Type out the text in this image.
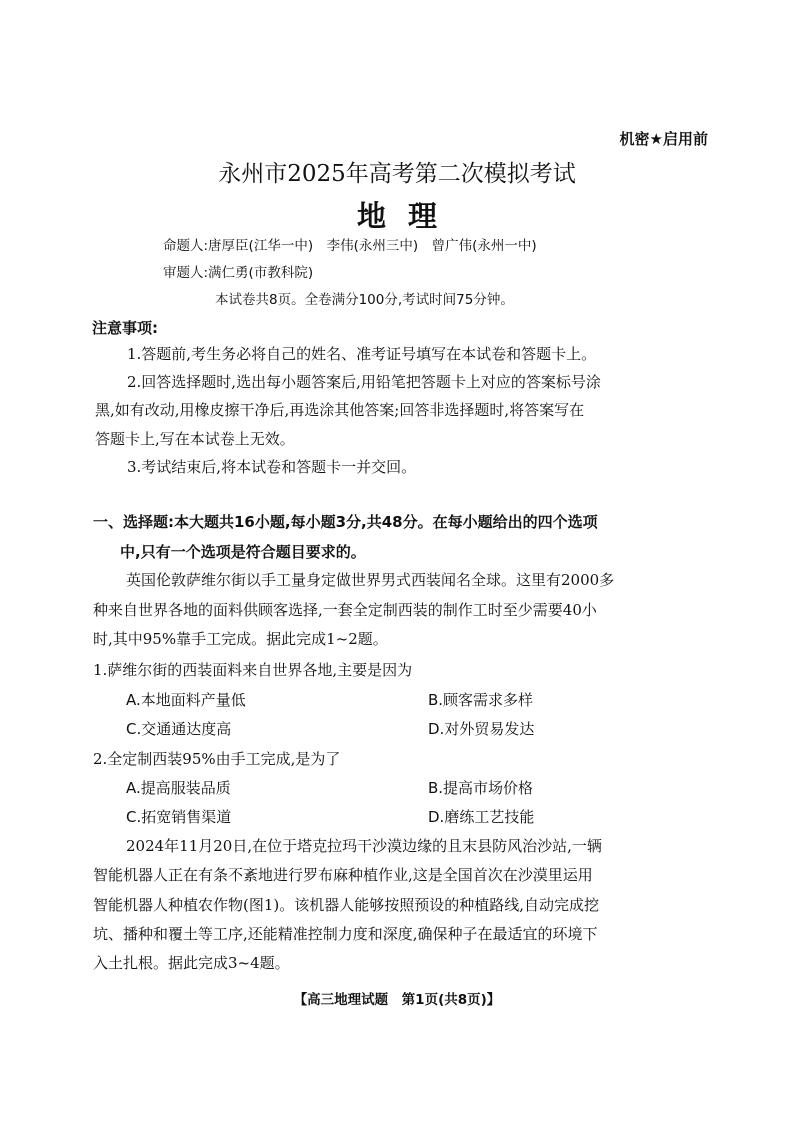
机密★启用前
永州市2025年高考第二次模拟考试
地理
命题人:唐厚臣(江华一中)　李伟(永州三中)　曾广伟(永州一中)
审题人:满仁勇(市教科院)
本试卷共8页。全卷满分100分,考试时间75分钟。
注意事项:
1.答题前,考生务必将自己的姓名、准考证号填写在本试卷和答题卡上。
2.回答选择题时,选出每小题答案后,用铅笔把答题卡上对应的答案标号涂
黑,如有改动,用橡皮擦干净后,再选涂其他答案;回答非选择题时,将答案写在
答题卡上,写在本试卷上无效。
3.考试结束后,将本试卷和答题卡一并交回。
一、选择题:本大题共16小题,每小题3分,共48分。在每小题给出的四个选项
中,只有一个选项是符合题目要求的。
英国伦敦萨维尔街以手工量身定做世界男式西装闻名全球。这里有2000多
种来自世界各地的面料供顾客选择,一套全定制西装的制作工时至少需要40小
时,其中95%靠手工完成。据此完成1~2题。
1.萨维尔街的西装面料来自世界各地,主要是因为
A.本地面料产量低	B.顾客需求多样
C.交通通达度高	D.对外贸易发达
2.全定制西装95%由手工完成,是为了
A.提高服装品质	B.提高市场价格
C.拓宽销售渠道	D.磨练工艺技能
2024年11月20日,在位于塔克拉玛干沙漠边缘的且末县防风治沙站,一辆
智能机器人正在有条不紊地进行罗布麻种植作业,这是全国首次在沙漠里运用
智能机器人种植农作物(图1)。该机器人能够按照预设的种植路线,自动完成挖
坑、播种和覆土等工序,还能精准控制力度和深度,确保种子在最适宜的环境下
入土扎根。据此完成3~4题。
【高三地理试题　第1页(共8页)】
